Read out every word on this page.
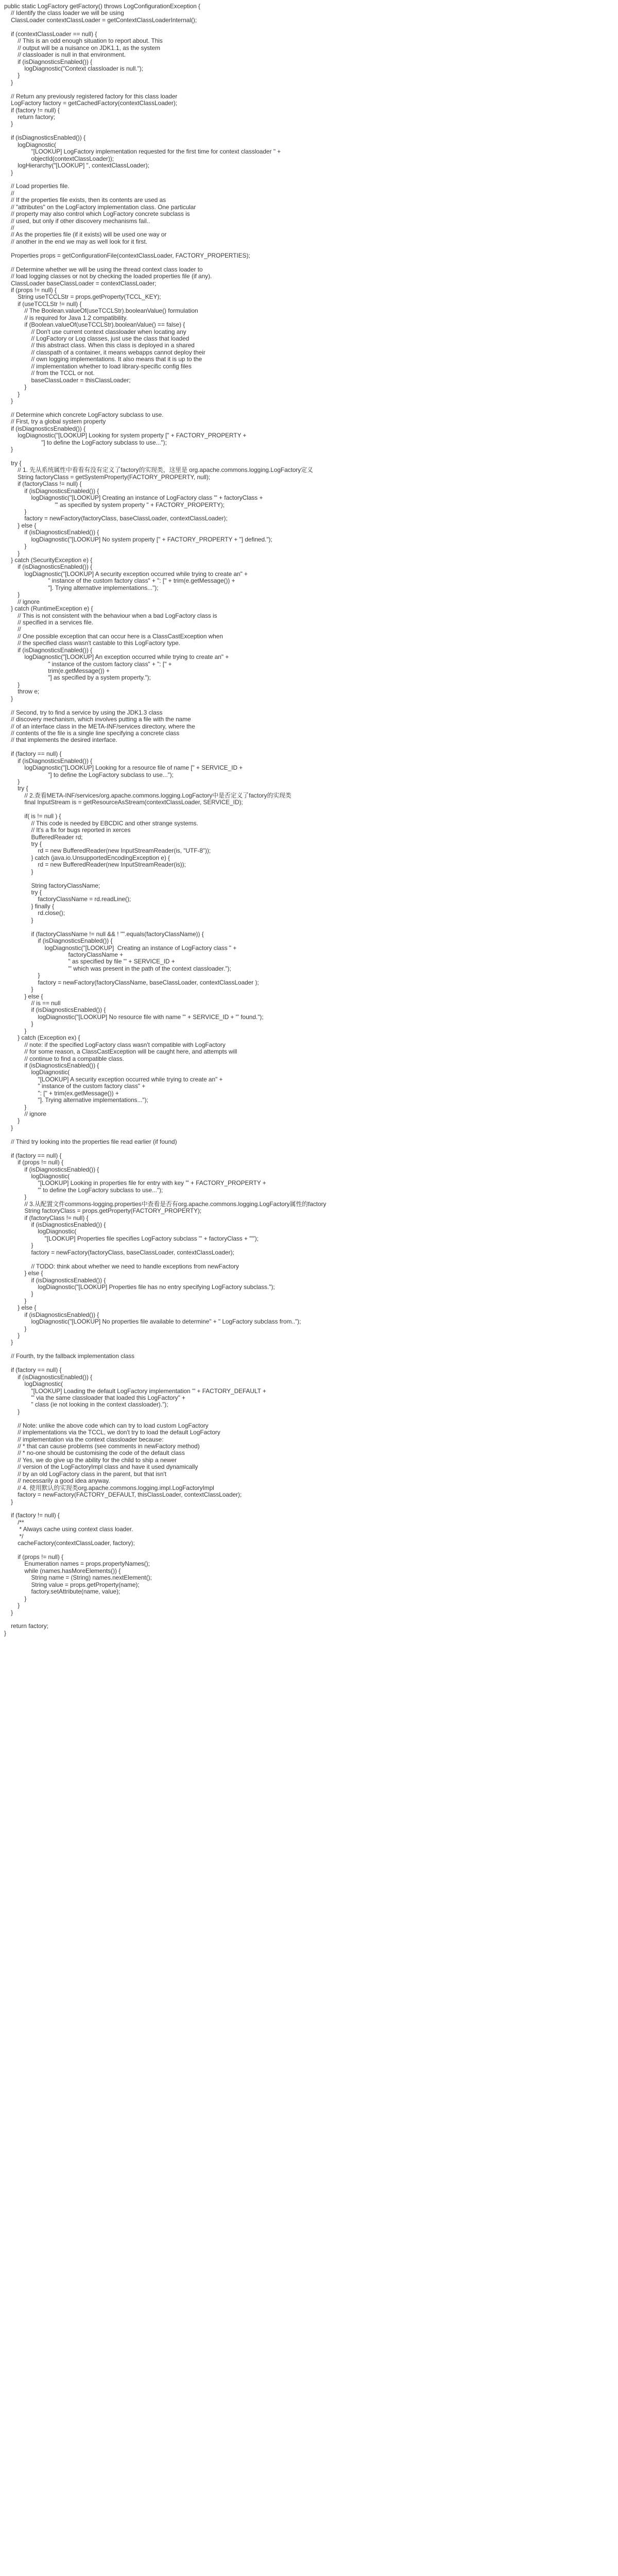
public static LogFactory getFactory() throws LogConfigurationException {
// Identify the class loader we will be using
ClassLoader contextClassLoader = getContextClassLoaderInternal();
if (contextClassLoader == null) {
// This is an odd enough situation to report about. This
// output will be a nuisance on JDK1.1, as the system
// classloader is null in that environment.
if (isDiagnosticsEnabled()) {
logDiagnostic("Context classloader is null.");
}
}
// Return any previously registered factory for this class loader
LogFactory factory = getCachedFactory(contextClassLoader);
if (factory != null) {
return factory;
}
if (isDiagnosticsEnabled()) {
logDiagnostic(
"[LOOKUP] LogFactory implementation requested for the first time for context classloader " +
objectId(contextClassLoader));
logHierarchy("[LOOKUP] ", contextClassLoader);
}
// Load properties file.
//
// If the properties file exists, then its contents are used as
// "attributes" on the LogFactory implementation class. One particular
// property may also control which LogFactory concrete subclass is
// used, but only if other discovery mechanisms fail..
//
// As the properties file (if it exists) will be used one way or
// another in the end we may as well look for it first.
Properties props = getConfigurationFile(contextClassLoader, FACTORY_PROPERTIES);
// Determine whether we will be using the thread context class loader to
// load logging classes or not by checking the loaded properties file (if any).
ClassLoader baseClassLoader = contextClassLoader;
if (props != null) {
String useTCCLStr = props.getProperty(TCCL_KEY);
if (useTCCLStr != null) {
// The Boolean.valueOf(useTCCLStr).booleanValue() formulation
// is required for Java 1.2 compatibility.
if (Boolean.valueOf(useTCCLStr).booleanValue() == false) {
// Don't use current context classloader when locating any
// LogFactory or Log classes, just use the class that loaded
// this abstract class. When this class is deployed in a shared
// classpath of a container, it means webapps cannot deploy their
// own logging implementations. It also means that it is up to the
// implementation whether to load library-specific config files
// from the TCCL or not.
baseClassLoader = thisClassLoader;
}
}
}
// Determine which concrete LogFactory subclass to use.
// First, try a global system property
if (isDiagnosticsEnabled()) {
logDiagnostic("[LOOKUP] Looking for system property [" + FACTORY_PROPERTY +
"] to define the LogFactory subclass to use...");
}
try {
// 1. 先从系统属性中看看有没有定义了factory的实现类，这里是 org.apache.commons.logging.LogFactory定义
String factoryClass = getSystemProperty(FACTORY_PROPERTY, null);
if (factoryClass != null) {
if (isDiagnosticsEnabled()) {
logDiagnostic("[LOOKUP] Creating an instance of LogFactory class '" + factoryClass +
"' as specified by system property " + FACTORY_PROPERTY);
}
factory = newFactory(factoryClass, baseClassLoader, contextClassLoader);
} else {
if (isDiagnosticsEnabled()) {
logDiagnostic("[LOOKUP] No system property [" + FACTORY_PROPERTY + "] defined.");
}
}
} catch (SecurityException e) {
if (isDiagnosticsEnabled()) {
logDiagnostic("[LOOKUP] A security exception occurred while trying to create an" +
" instance of the custom factory class" + ": [" + trim(e.getMessage()) +
"]. Trying alternative implementations...");
}
// ignore
} catch (RuntimeException e) {
// This is not consistent with the behaviour when a bad LogFactory class is
// specified in a services file.
//
// One possible exception that can occur here is a ClassCastException when
// the specified class wasn't castable to this LogFactory type.
if (isDiagnosticsEnabled()) {
logDiagnostic("[LOOKUP] An exception occurred while trying to create an" +
" instance of the custom factory class" + ": [" +
trim(e.getMessage()) +
"] as specified by a system property.");
}
throw e;
}
// Second, try to find a service by using the JDK1.3 class
// discovery mechanism, which involves putting a file with the name
// of an interface class in the META-INF/services directory, where the
// contents of the file is a single line specifying a concrete class
// that implements the desired interface.
if (factory == null) {
if (isDiagnosticsEnabled()) {
logDiagnostic("[LOOKUP] Looking for a resource file of name [" + SERVICE_ID +
"] to define the LogFactory subclass to use...");
}
try {
// 2.查看META-INF/services/org.apache.commons.logging.LogFactory中是否定义了factory的实现类
final InputStream is = getResourceAsStream(contextClassLoader, SERVICE_ID);
if( is != null ) {
// This code is needed by EBCDIC and other strange systems.
// It's a fix for bugs reported in xerces
BufferedReader rd;
try {
rd = new BufferedReader(new InputStreamReader(is, "UTF-8"));
} catch (java.io.UnsupportedEncodingException e) {
rd = new BufferedReader(new InputStreamReader(is));
}
String factoryClassName;
try {
factoryClassName = rd.readLine();
} finally {
rd.close();
}
if (factoryClassName != null && ! "".equals(factoryClassName)) {
if (isDiagnosticsEnabled()) {
logDiagnostic("[LOOKUP]  Creating an instance of LogFactory class " +
factoryClassName +
" as specified by file '" + SERVICE_ID +
"' which was present in the path of the context classloader.");
}
factory = newFactory(factoryClassName, baseClassLoader, contextClassLoader );
}
} else {
// is == null
if (isDiagnosticsEnabled()) {
logDiagnostic("[LOOKUP] No resource file with name '" + SERVICE_ID + "' found.");
}
}
} catch (Exception ex) {
// note: if the specified LogFactory class wasn't compatible with LogFactory
// for some reason, a ClassCastException will be caught here, and attempts will
// continue to find a compatible class.
if (isDiagnosticsEnabled()) {
logDiagnostic(
"[LOOKUP] A security exception occurred while trying to create an" +
" instance of the custom factory class" +
": [" + trim(ex.getMessage()) +
"]. Trying alternative implementations...");
}
// ignore
}
}
// Third try looking into the properties file read earlier (if found)
if (factory == null) {
if (props != null) {
if (isDiagnosticsEnabled()) {
logDiagnostic(
"[LOOKUP] Looking in properties file for entry with key '" + FACTORY_PROPERTY +
"' to define the LogFactory subclass to use...");
}
// 3.从配置文件commons-logging.properties中查看是否有org.apache.commons.logging.LogFactory属性的factory
String factoryClass = props.getProperty(FACTORY_PROPERTY);
if (factoryClass != null) {
if (isDiagnosticsEnabled()) {
logDiagnostic(
"[LOOKUP] Properties file specifies LogFactory subclass '" + factoryClass + "'");
}
factory = newFactory(factoryClass, baseClassLoader, contextClassLoader);
// TODO: think about whether we need to handle exceptions from newFactory
} else {
if (isDiagnosticsEnabled()) {
logDiagnostic("[LOOKUP] Properties file has no entry specifying LogFactory subclass.");
}
}
} else {
if (isDiagnosticsEnabled()) {
logDiagnostic("[LOOKUP] No properties file available to determine" + " LogFactory subclass from..");
}
}
}
// Fourth, try the fallback implementation class
if (factory == null) {
if (isDiagnosticsEnabled()) {
logDiagnostic(
"[LOOKUP] Loading the default LogFactory implementation '" + FACTORY_DEFAULT +
"' via the same classloader that loaded this LogFactory" +
" class (ie not looking in the context classloader).");
}
// Note: unlike the above code which can try to load custom LogFactory
// implementations via the TCCL, we don't try to load the default LogFactory
// implementation via the context classloader because:
// * that can cause problems (see comments in newFactory method)
// * no-one should be customising the code of the default class
// Yes, we do give up the ability for the child to ship a newer
// version of the LogFactoryImpl class and have it used dynamically
// by an old LogFactory class in the parent, but that isn't
// necessarily a good idea anyway.
// 4. 使用默认的实现类org.apache.commons.logging.impl.LogFactoryImpl
factory = newFactory(FACTORY_DEFAULT, thisClassLoader, contextClassLoader);
}
if (factory != null) {
/**
* Always cache using context class loader.
*/
cacheFactory(contextClassLoader, factory);
if (props != null) {
Enumeration names = props.propertyNames();
while (names.hasMoreElements()) {
String name = (String) names.nextElement();
String value = props.getProperty(name);
factory.setAttribute(name, value);
}
}
}
return factory;
}
